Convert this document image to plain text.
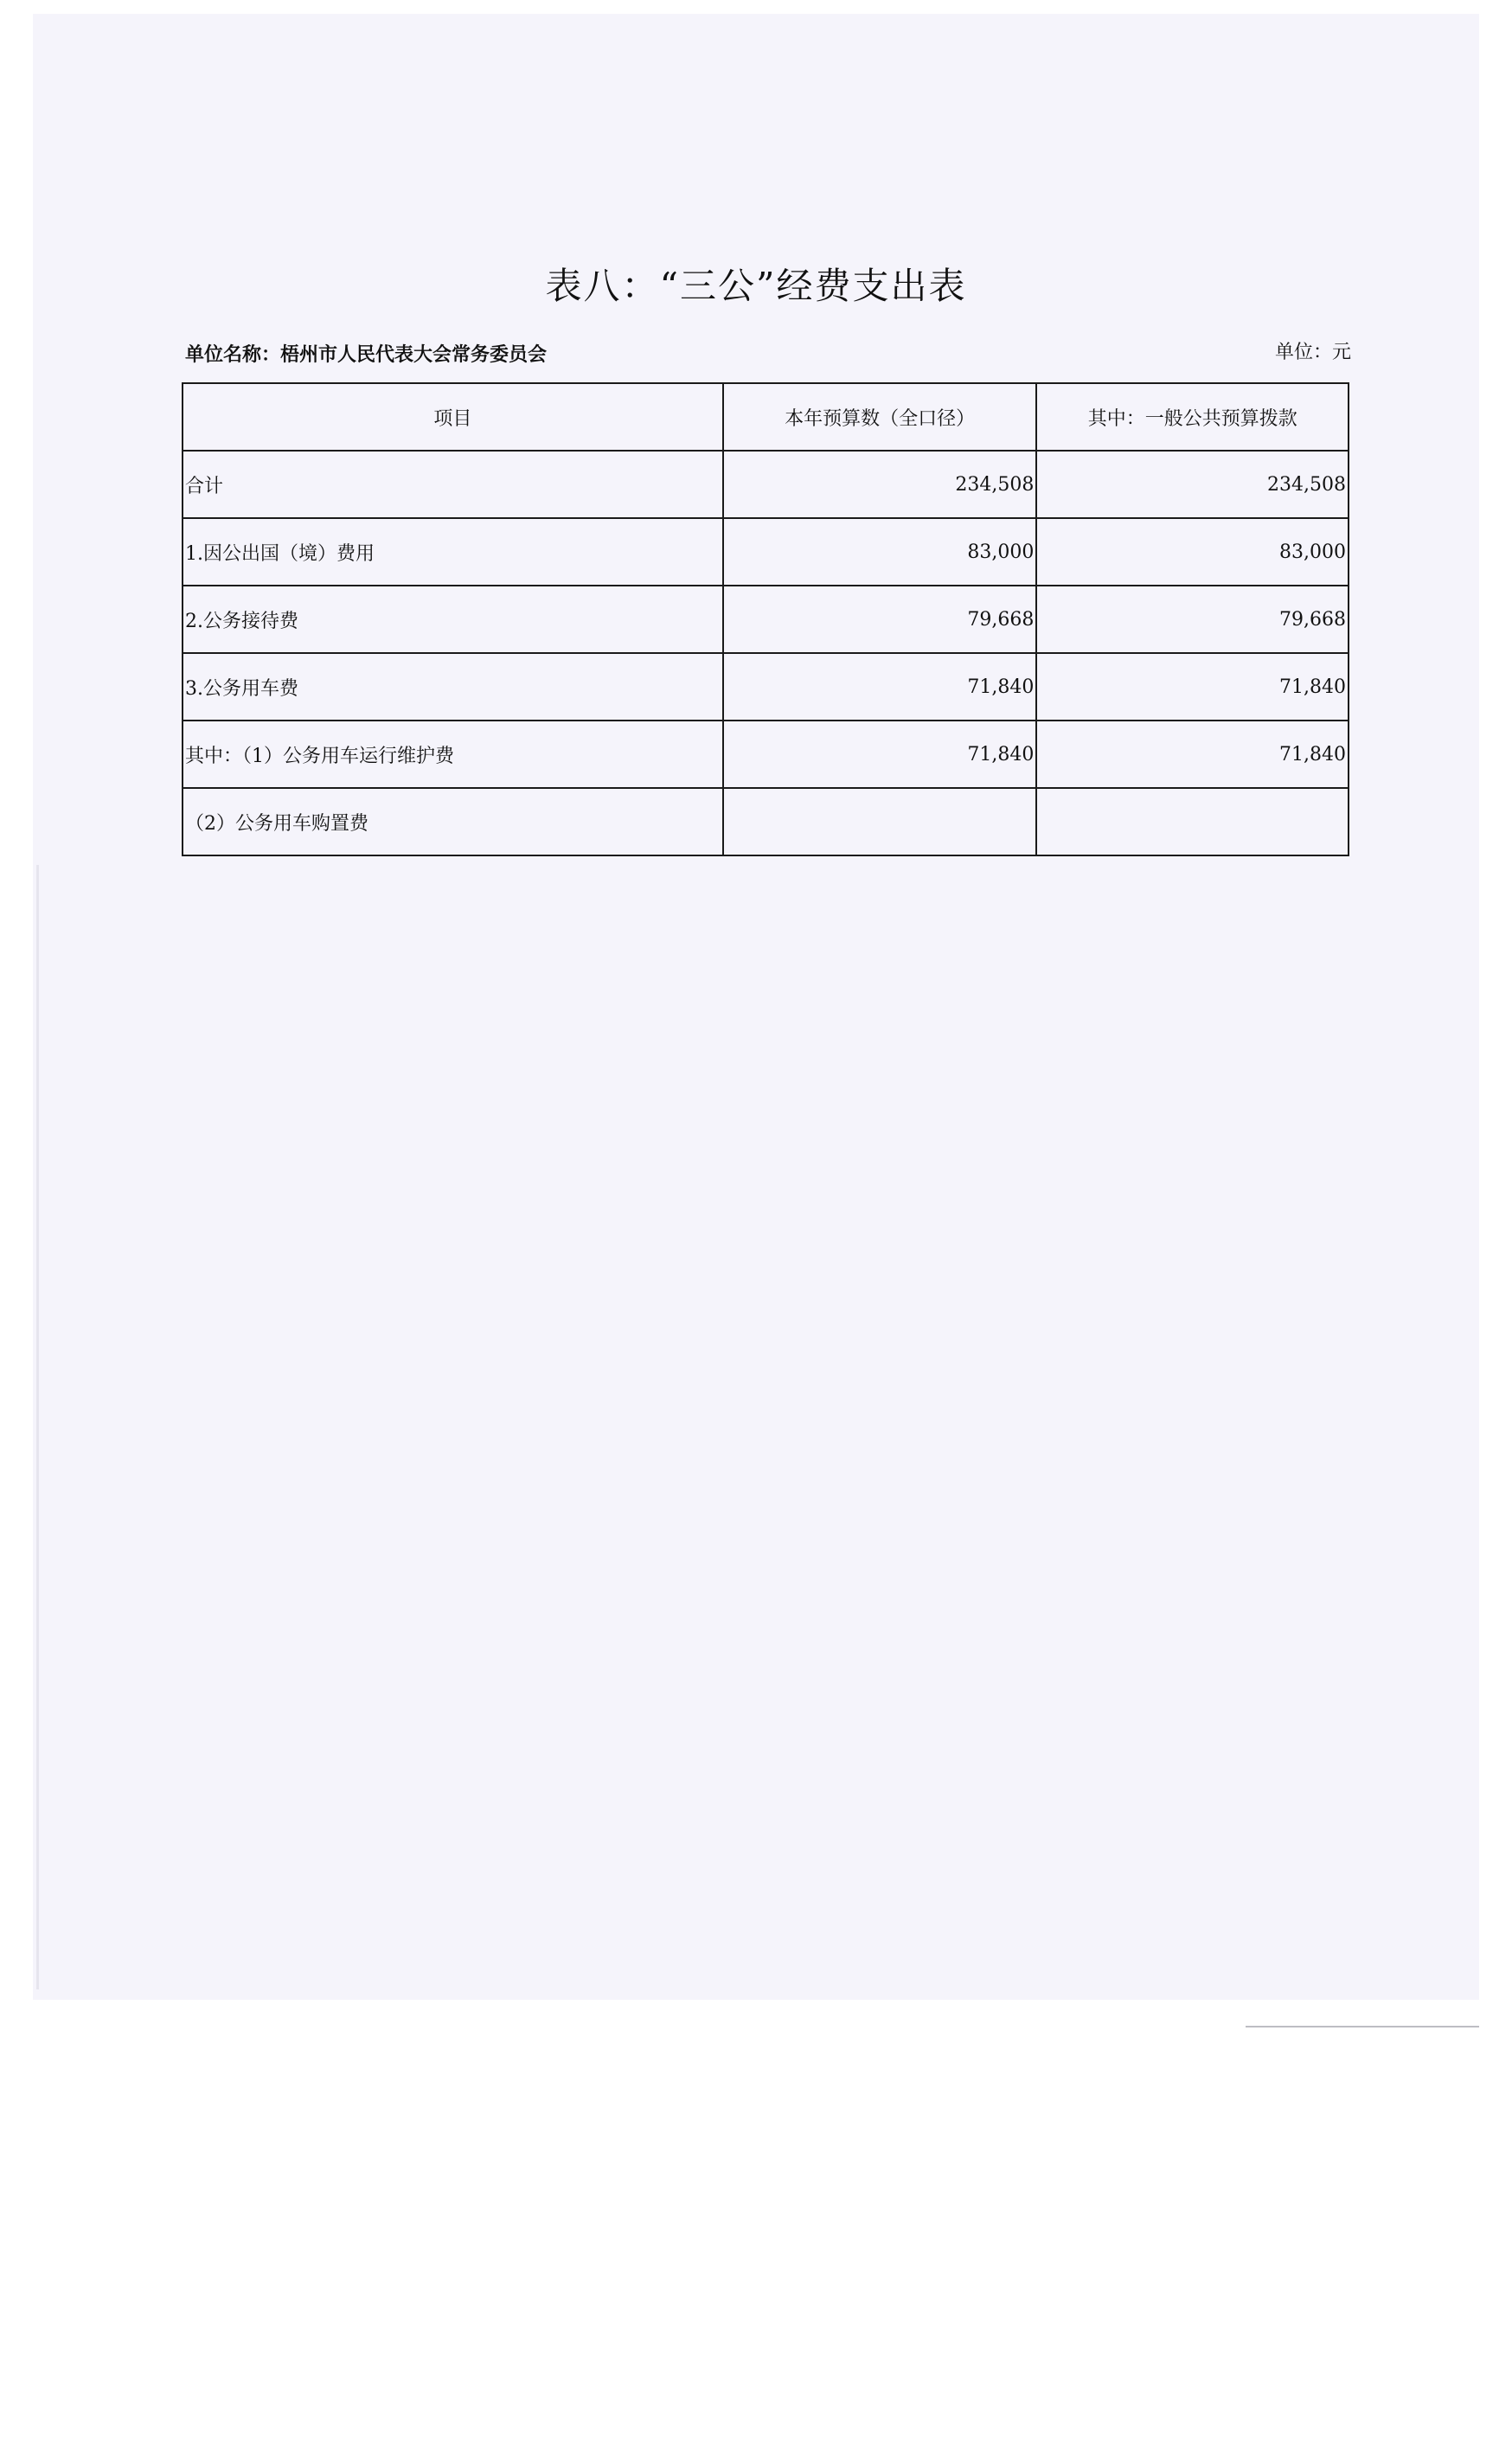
表八：“三公”经费支出表
单位名称：梧州市人民代表大会常务委员会	单位：元
项目	本年预算数（全口径）	其中：一般公共预算拨款
合计	234,508	234,508
1.因公出国（境）费用	83,000	83,000
2.公务接待费	79,668	79,668
3.公务用车费	71,840	71,840
其中：（1）公务用车运行维护费	71,840	71,840
（2）公务用车购置费		
